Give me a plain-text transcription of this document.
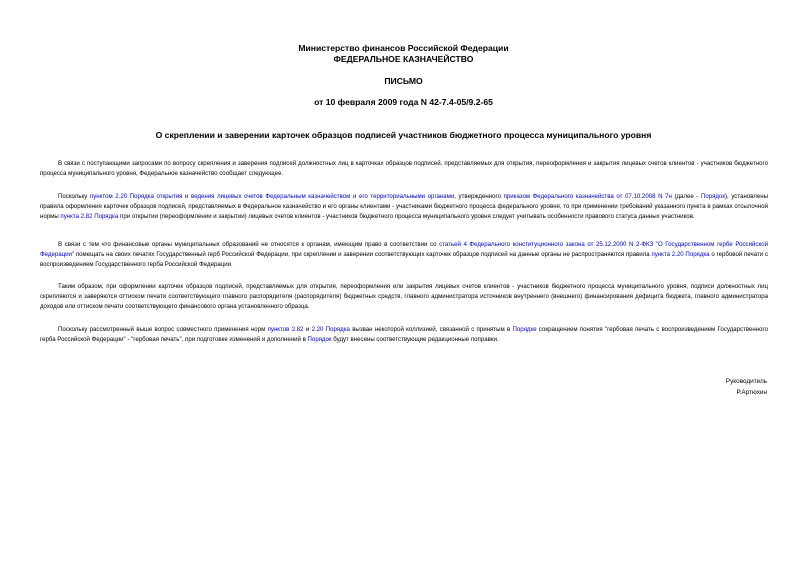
Министерство финансов Российской Федерации
ФЕДЕРАЛЬНОЕ КАЗНАЧЕЙСТВО
ПИСЬМО
от 10 февраля 2009 года N 42-7.4-05/9.2-65
О скреплении и заверении карточек образцов подписей участников бюджетного процесса муниципального уровня

В связи с поступающими запросами по вопросу скрепления и заверения подписей должностных лиц в карточках образцов подписей, представляемых для открытия, переоформления и закрытия лицевых счетов клиентов - участников бюджетного процесса муниципального уровня, Федеральное казначейство сообщает следующее.

Поскольку пунктом 2.20 Порядка открытия и ведения лицевых счетов Федеральным казначейством и его территориальными органами, утвержденного приказом Федерального казначейства от 07.10.2008 N 7н (далее - Порядок), установлены правила оформления карточек образцов подписей, представляемых в Федеральное казначейство и его органы клиентами - участниками бюджетного процесса федерального уровня, то при применении требований указанного пункта в рамках отсылочной нормы пункта 2.82 Порядка при открытии (переоформлении и закрытии) лицевых счетов клиентов - участников бюджетного процесса муниципального уровня следует учитывать особенности правового статуса данных участников.

В связи с тем что финансовые органы муниципальных образований не относятся к органам, имеющим право в соответствии со статьей 4 Федерального конституционного закона от 25.12.2000 N 2-ФКЗ "О Государственном гербе Российской Федерации" помещать на своих печатях Государственный герб Российской Федерации, при скреплении и заверении соответствующих карточек образцов подписей на данные органы не распространяются правила пункта 2.20 Порядка о гербовой печати с воспроизведением Государственного герба Российской Федерации.

Таким образом, при оформлении карточек образцов подписей, представляемых для открытия, переоформления или закрытия лицевых счетов клиентов - участников бюджетного процесса муниципального уровня, подписи должностных лиц скрепляются и заверяются оттиском печати соответствующего главного распорядителя (распорядителя) бюджетных средств, главного администратора источников внутреннего (внешнего) финансирования дефицита бюджета, главного администратора доходов или оттиском печати соответствующего финансового органа установленного образца.

Поскольку рассмотренный выше вопрос совместного применения норм пунктов 2.82 и 2.20 Порядка вызван некоторой коллизией, связанной с принятым в Порядке сокращением понятия "гербовая печать с воспроизведением Государственного герба Российской Федерации" - "гербовая печать", при подготовке изменений и дополнений в Порядок будут внесены соответствующие редакционные поправки.

Руководитель
Р.Артюхин
